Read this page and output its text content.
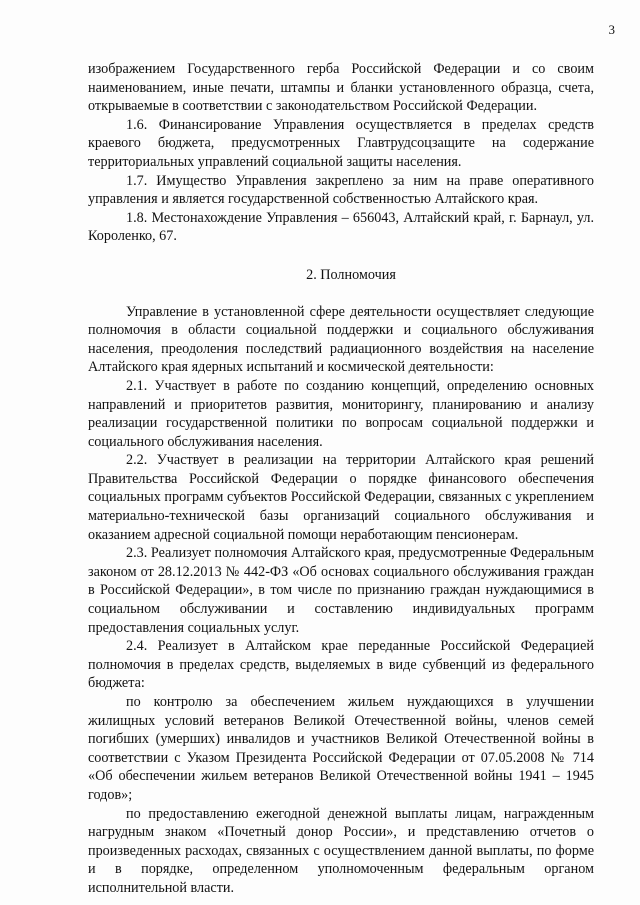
3

изображением Государственного герба Российской Федерации и со своим наименованием, иные печати, штампы и бланки установленного образца, счета, открываемые в соответствии с законодательством Российской Федерации.

1.6. Финансирование Управления осуществляется в пределах средств краевого бюджета, предусмотренных Главтрудсоцзащите на содержание территориальных управлений социальной защиты населения.

1.7. Имущество Управления закреплено за ним на праве оперативного управления и является государственной собственностью Алтайского края.

1.8. Местонахождение Управления – 656043, Алтайский край, г. Барнаул, ул. Короленко, 67.

2. Полномочия

Управление в установленной сфере деятельности осуществляет следующие полномочия в области социальной поддержки и социального обслуживания населения, преодоления последствий радиационного воздействия на население Алтайского края ядерных испытаний и космической деятельности:

2.1. Участвует в работе по созданию концепций, определению основных направлений и приоритетов развития, мониторингу, планированию и анализу реализации государственной политики по вопросам социальной поддержки и социального обслуживания населения.

2.2. Участвует в реализации на территории Алтайского края решений Правительства Российской Федерации о порядке финансового обеспечения социальных программ субъектов Российской Федерации, связанных с укреплением материально-технической базы организаций социального обслуживания и оказанием адресной социальной помощи неработающим пенсионерам.

2.3. Реализует полномочия Алтайского края, предусмотренные Федеральным законом от 28.12.2013 № 442-ФЗ «Об основах социального обслуживания граждан в Российской Федерации», в том числе по признанию граждан нуждающимися в социальном обслуживании и составлению индивидуальных программ предоставления социальных услуг.

2.4. Реализует в Алтайском крае переданные Российской Федерацией полномочия в пределах средств, выделяемых в виде субвенций из федерального бюджета:

по контролю за обеспечением жильем нуждающихся в улучшении жилищных условий ветеранов Великой Отечественной войны, членов семей погибших (умерших) инвалидов и участников Великой Отечественной войны в соответствии с Указом Президента Российской Федерации от 07.05.2008 № 714 «Об обеспечении жильем ветеранов Великой Отечественной войны 1941 – 1945 годов»;

по предоставлению ежегодной денежной выплаты лицам, награжденным нагрудным знаком «Почетный донор России», и представлению отчетов о произведенных расходах, связанных с осуществлением данной выплаты, по форме и в порядке, определенном уполномоченным федеральным органом исполнительной власти.
